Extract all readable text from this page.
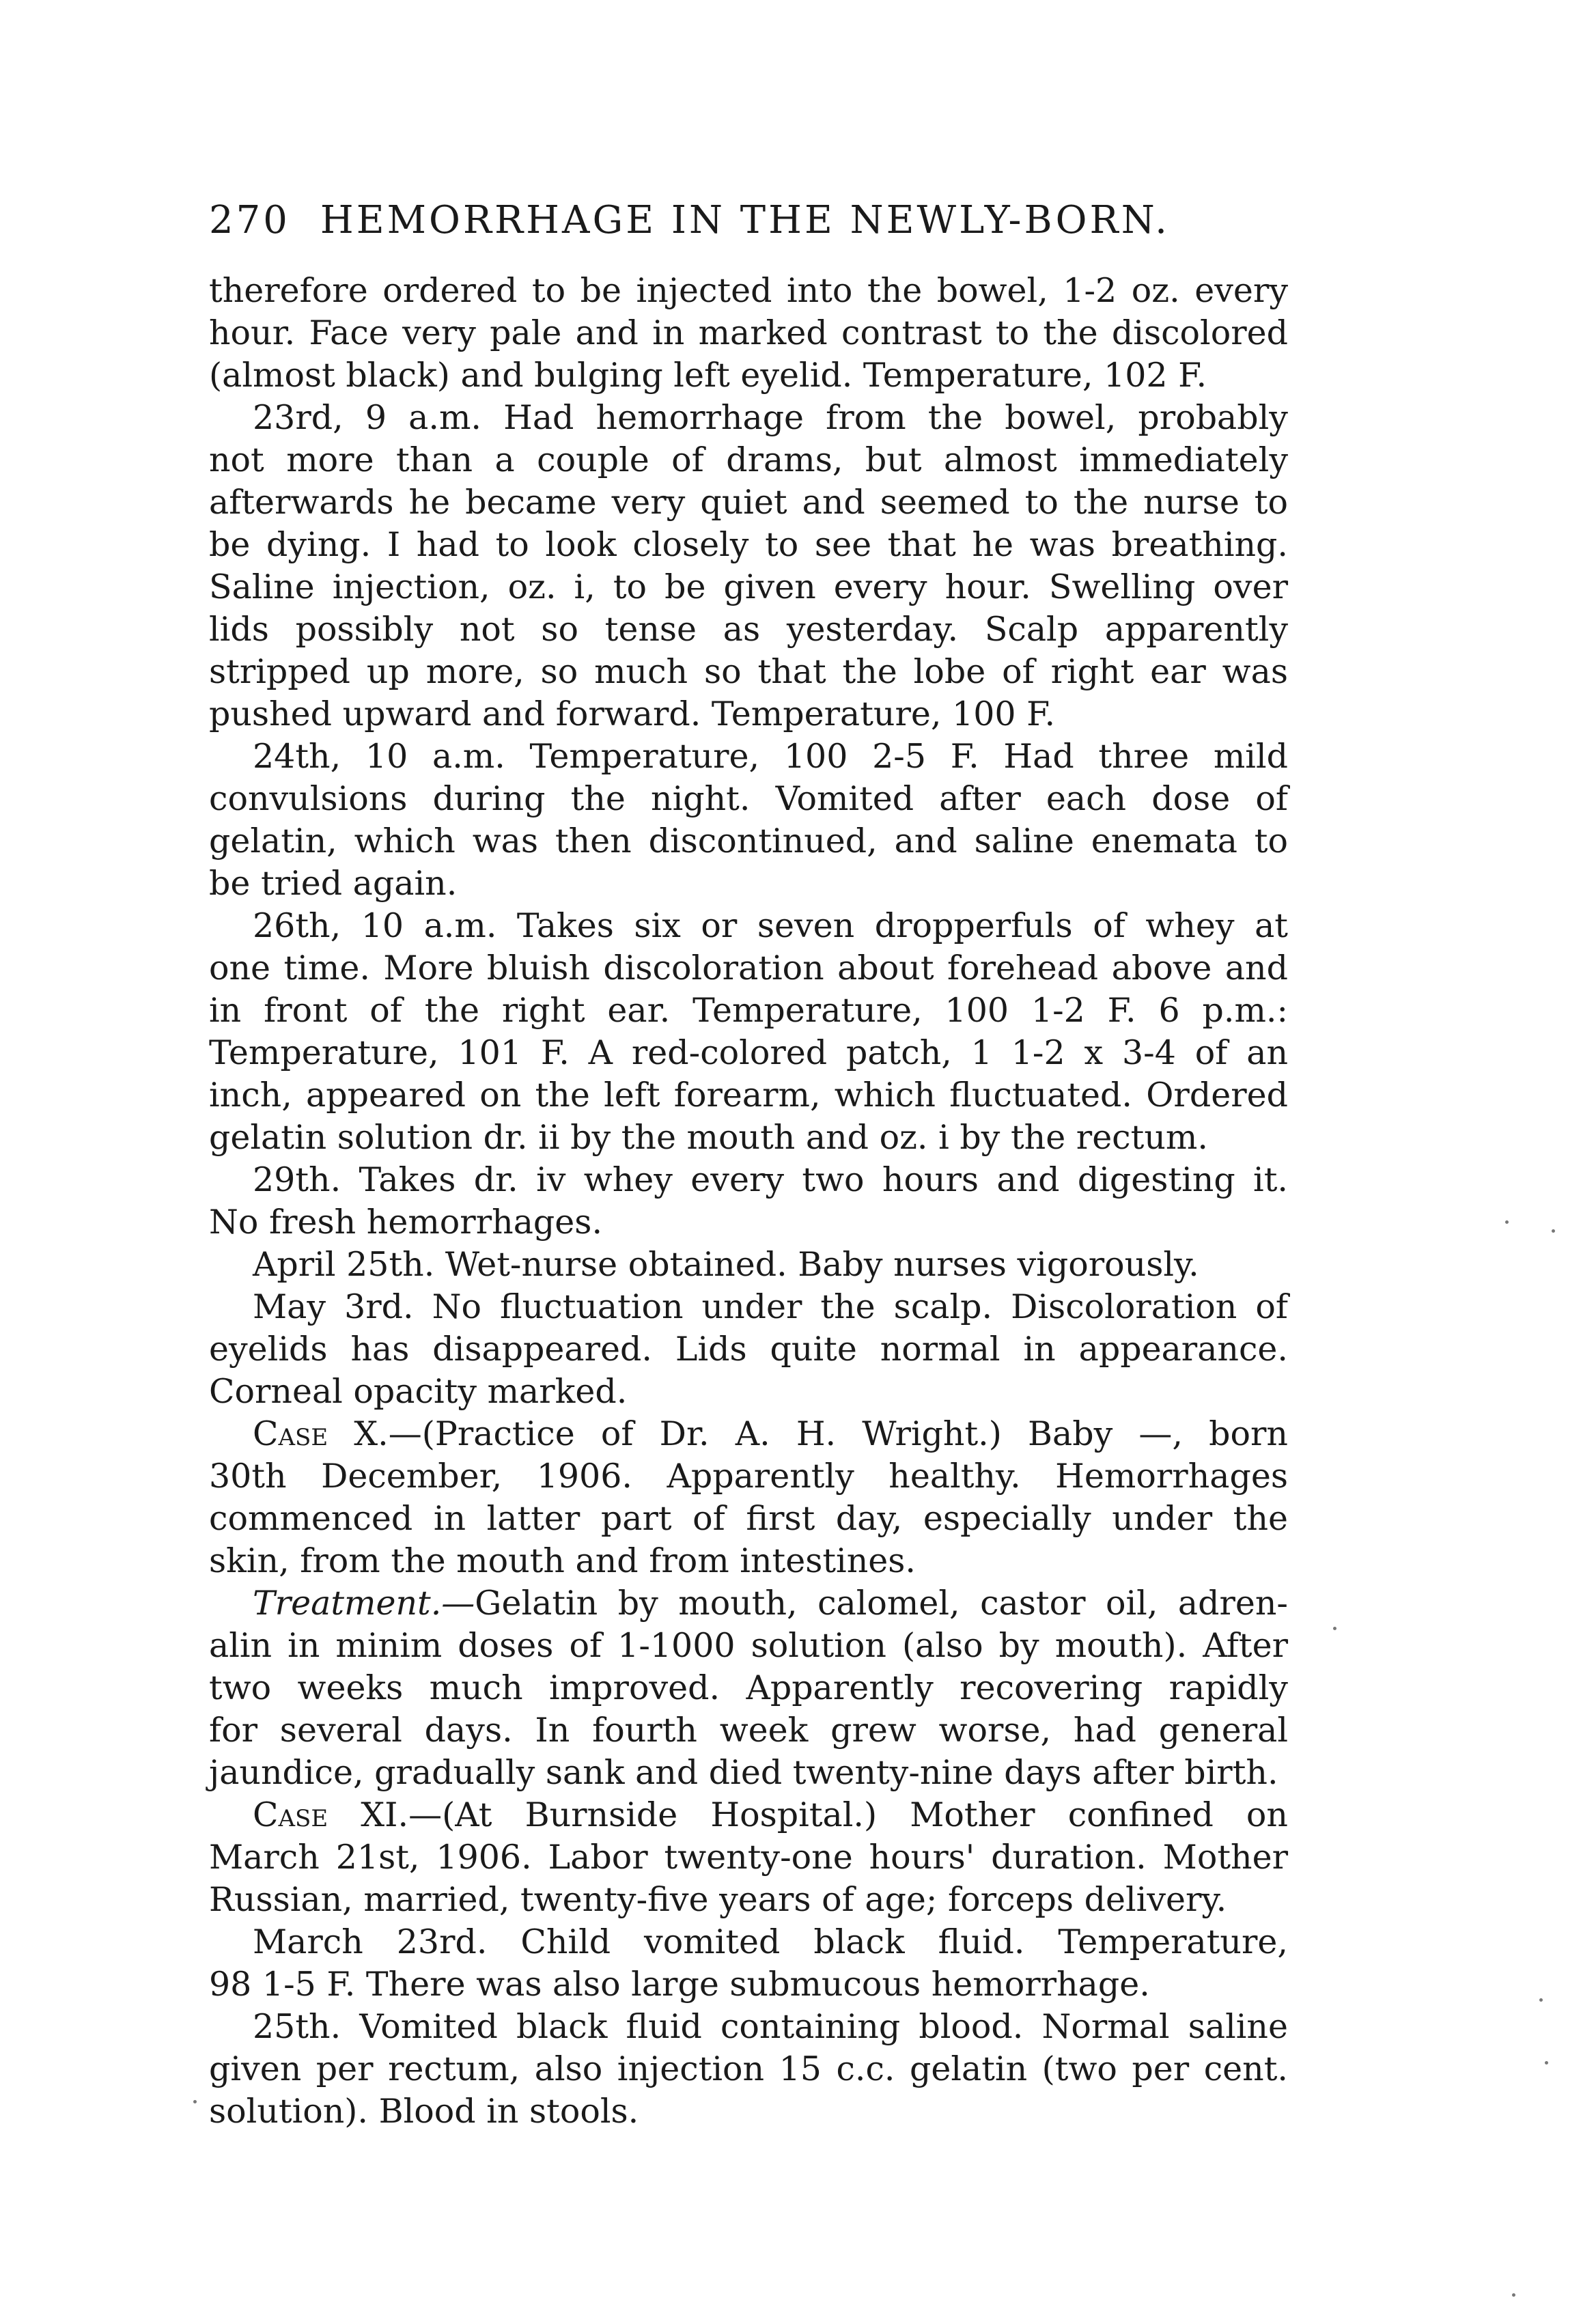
270 HEMORRHAGE IN THE NEWLY-BORN.
therefore ordered to be injected into the bowel, 1-2 oz. every
hour. Face very pale and in marked contrast to the discolored
(almost black) and bulging left eyelid. Temperature, 102 F.
23rd, 9 a.m. Had hemorrhage from the bowel, probably
not more than a couple of drams, but almost immediately
afterwards he became very quiet and seemed to the nurse to
be dying. I had to look closely to see that he was breathing.
Saline injection, oz. i, to be given every hour. Swelling over
lids possibly not so tense as yesterday. Scalp apparently
stripped up more, so much so that the lobe of right ear was
pushed upward and forward. Temperature, 100 F.
24th, 10 a.m. Temperature, 100 2-5 F. Had three mild
convulsions during the night. Vomited after each dose of
gelatin, which was then discontinued, and saline enemata to
be tried again.
26th, 10 a.m. Takes six or seven dropperfuls of whey at
one time. More bluish discoloration about forehead above and
in front of the right ear. Temperature, 100 1-2 F. 6 p.m.:
Temperature, 101 F. A red-colored patch, 1 1-2 x 3-4 of an
inch, appeared on the left forearm, which fluctuated. Ordered
gelatin solution dr. ii by the mouth and oz. i by the rectum.
29th. Takes dr. iv whey every two hours and digesting it.
No fresh hemorrhages.
April 25th. Wet-nurse obtained. Baby nurses vigorously.
May 3rd. No fluctuation under the scalp. Discoloration of
eyelids has disappeared. Lids quite normal in appearance.
Corneal opacity marked.
Case X.—(Practice of Dr. A. H. Wright.) Baby —, born
30th December, 1906. Apparently healthy. Hemorrhages
commenced in latter part of first day, especially under the
skin, from the mouth and from intestines.
Treatment.—Gelatin by mouth, calomel, castor oil, adren-
alin in minim doses of 1-1000 solution (also by mouth). After
two weeks much improved. Apparently recovering rapidly
for several days. In fourth week grew worse, had general
jaundice, gradually sank and died twenty-nine days after birth.
Case XI.—(At Burnside Hospital.) Mother confined on
March 21st, 1906. Labor twenty-one hours' duration. Mother
Russian, married, twenty-five years of age; forceps delivery.
March 23rd. Child vomited black fluid. Temperature,
98 1-5 F. There was also large submucous hemorrhage.
25th. Vomited black fluid containing blood. Normal saline
given per rectum, also injection 15 c.c. gelatin (two per cent.
solution). Blood in stools.
